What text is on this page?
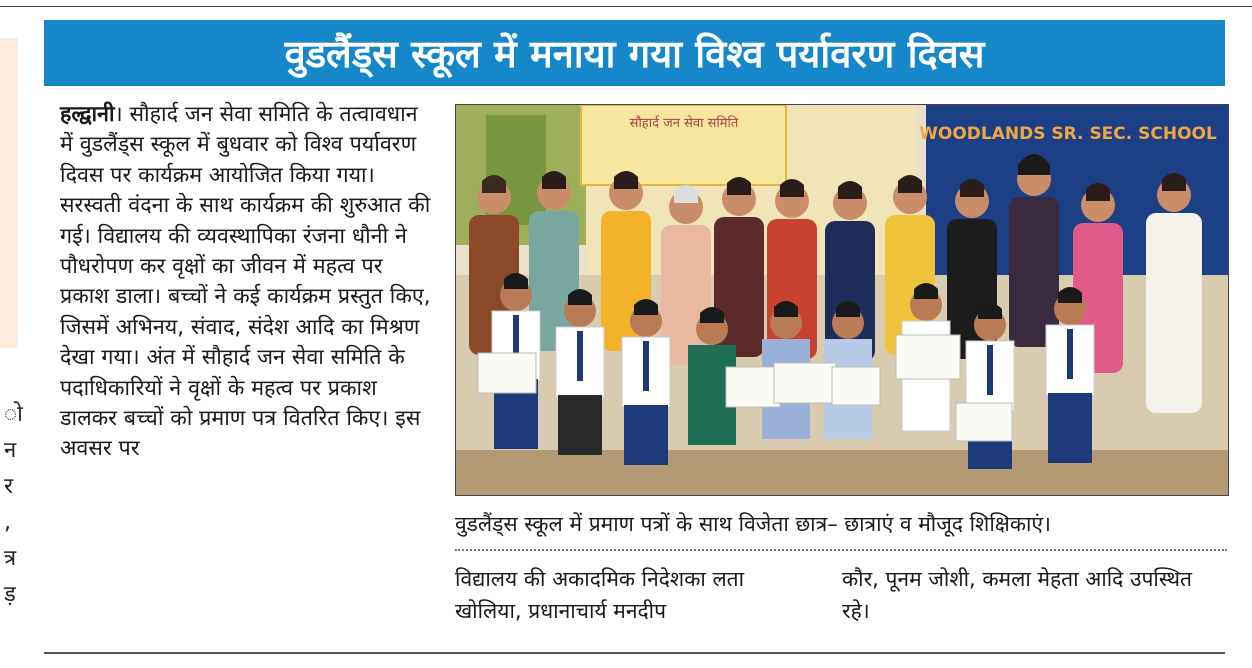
ो
न
र
,
त्र
ड़
वुडलैंड्स स्कूल में मनाया गया विश्व पर्यावरण दिवस
हल्द्वानी। सौहार्द जन सेवा समिति के तत्वावधान में वुडलैंड्स स्कूल में बुधवार को विश्व पर्यावरण दिवस पर कार्यक्रम आयोजित किया गया। सरस्वती वंदना के साथ कार्यक्रम की शुरुआत की गई। विद्यालय की व्यवस्थापिका रंजना धौनी ने पौधरोपण कर वृक्षों का जीवन में महत्व पर प्रकाश डाला। बच्चों ने कई कार्यक्रम प्रस्तुत किए, जिसमें अभिनय, संवाद, संदेश आदि का मिश्रण देखा गया। अंत में सौहार्द जन सेवा समिति के पदाधिकारियों ने वृक्षों के महत्व पर प्रकाश डालकर बच्चों को प्रमाण पत्र वितरित किए। इस अवसर पर
सौहार्द जन सेवा समिति
WOODLANDS SR. SEC. SCHOOL
वुडलैंड्स स्कूल में प्रमाण पत्रों के साथ विजेता छात्र– छात्राएं व मौजूद शिक्षिकाएं।
विद्यालय की अकादमिक निदेशका लता खोलिया, प्रधानाचार्य मनदीप
कौर, पूनम जोशी, कमला मेहता आदि उपस्थित रहे।
